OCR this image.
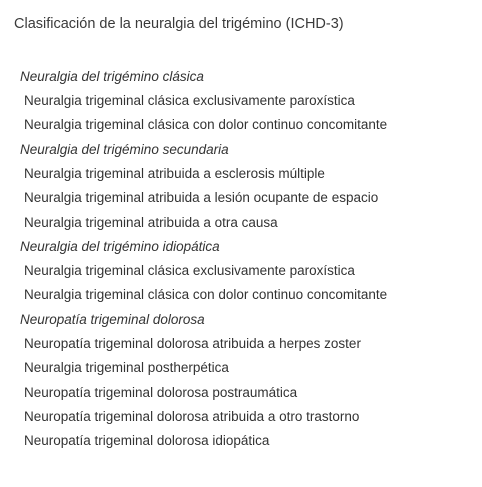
Clasificación de la neuralgia del trigémino (ICHD-3)
Neuralgia del trigémino clásica
Neuralgia trigeminal clásica exclusivamente paroxística
Neuralgia trigeminal clásica con dolor continuo concomitante
Neuralgia del trigémino secundaria
Neuralgia trigeminal atribuida a esclerosis múltiple
Neuralgia trigeminal atribuida a lesión ocupante de espacio
Neuralgia trigeminal atribuida a otra causa
Neuralgia del trigémino idiopática
Neuralgia trigeminal clásica exclusivamente paroxística
Neuralgia trigeminal clásica con dolor continuo concomitante
Neuropatía trigeminal dolorosa
Neuropatía trigeminal dolorosa atribuida a herpes zoster
Neuralgia trigeminal postherpética
Neuropatía trigeminal dolorosa postraumática
Neuropatía trigeminal dolorosa atribuida a otro trastorno
Neuropatía trigeminal dolorosa idiopática
